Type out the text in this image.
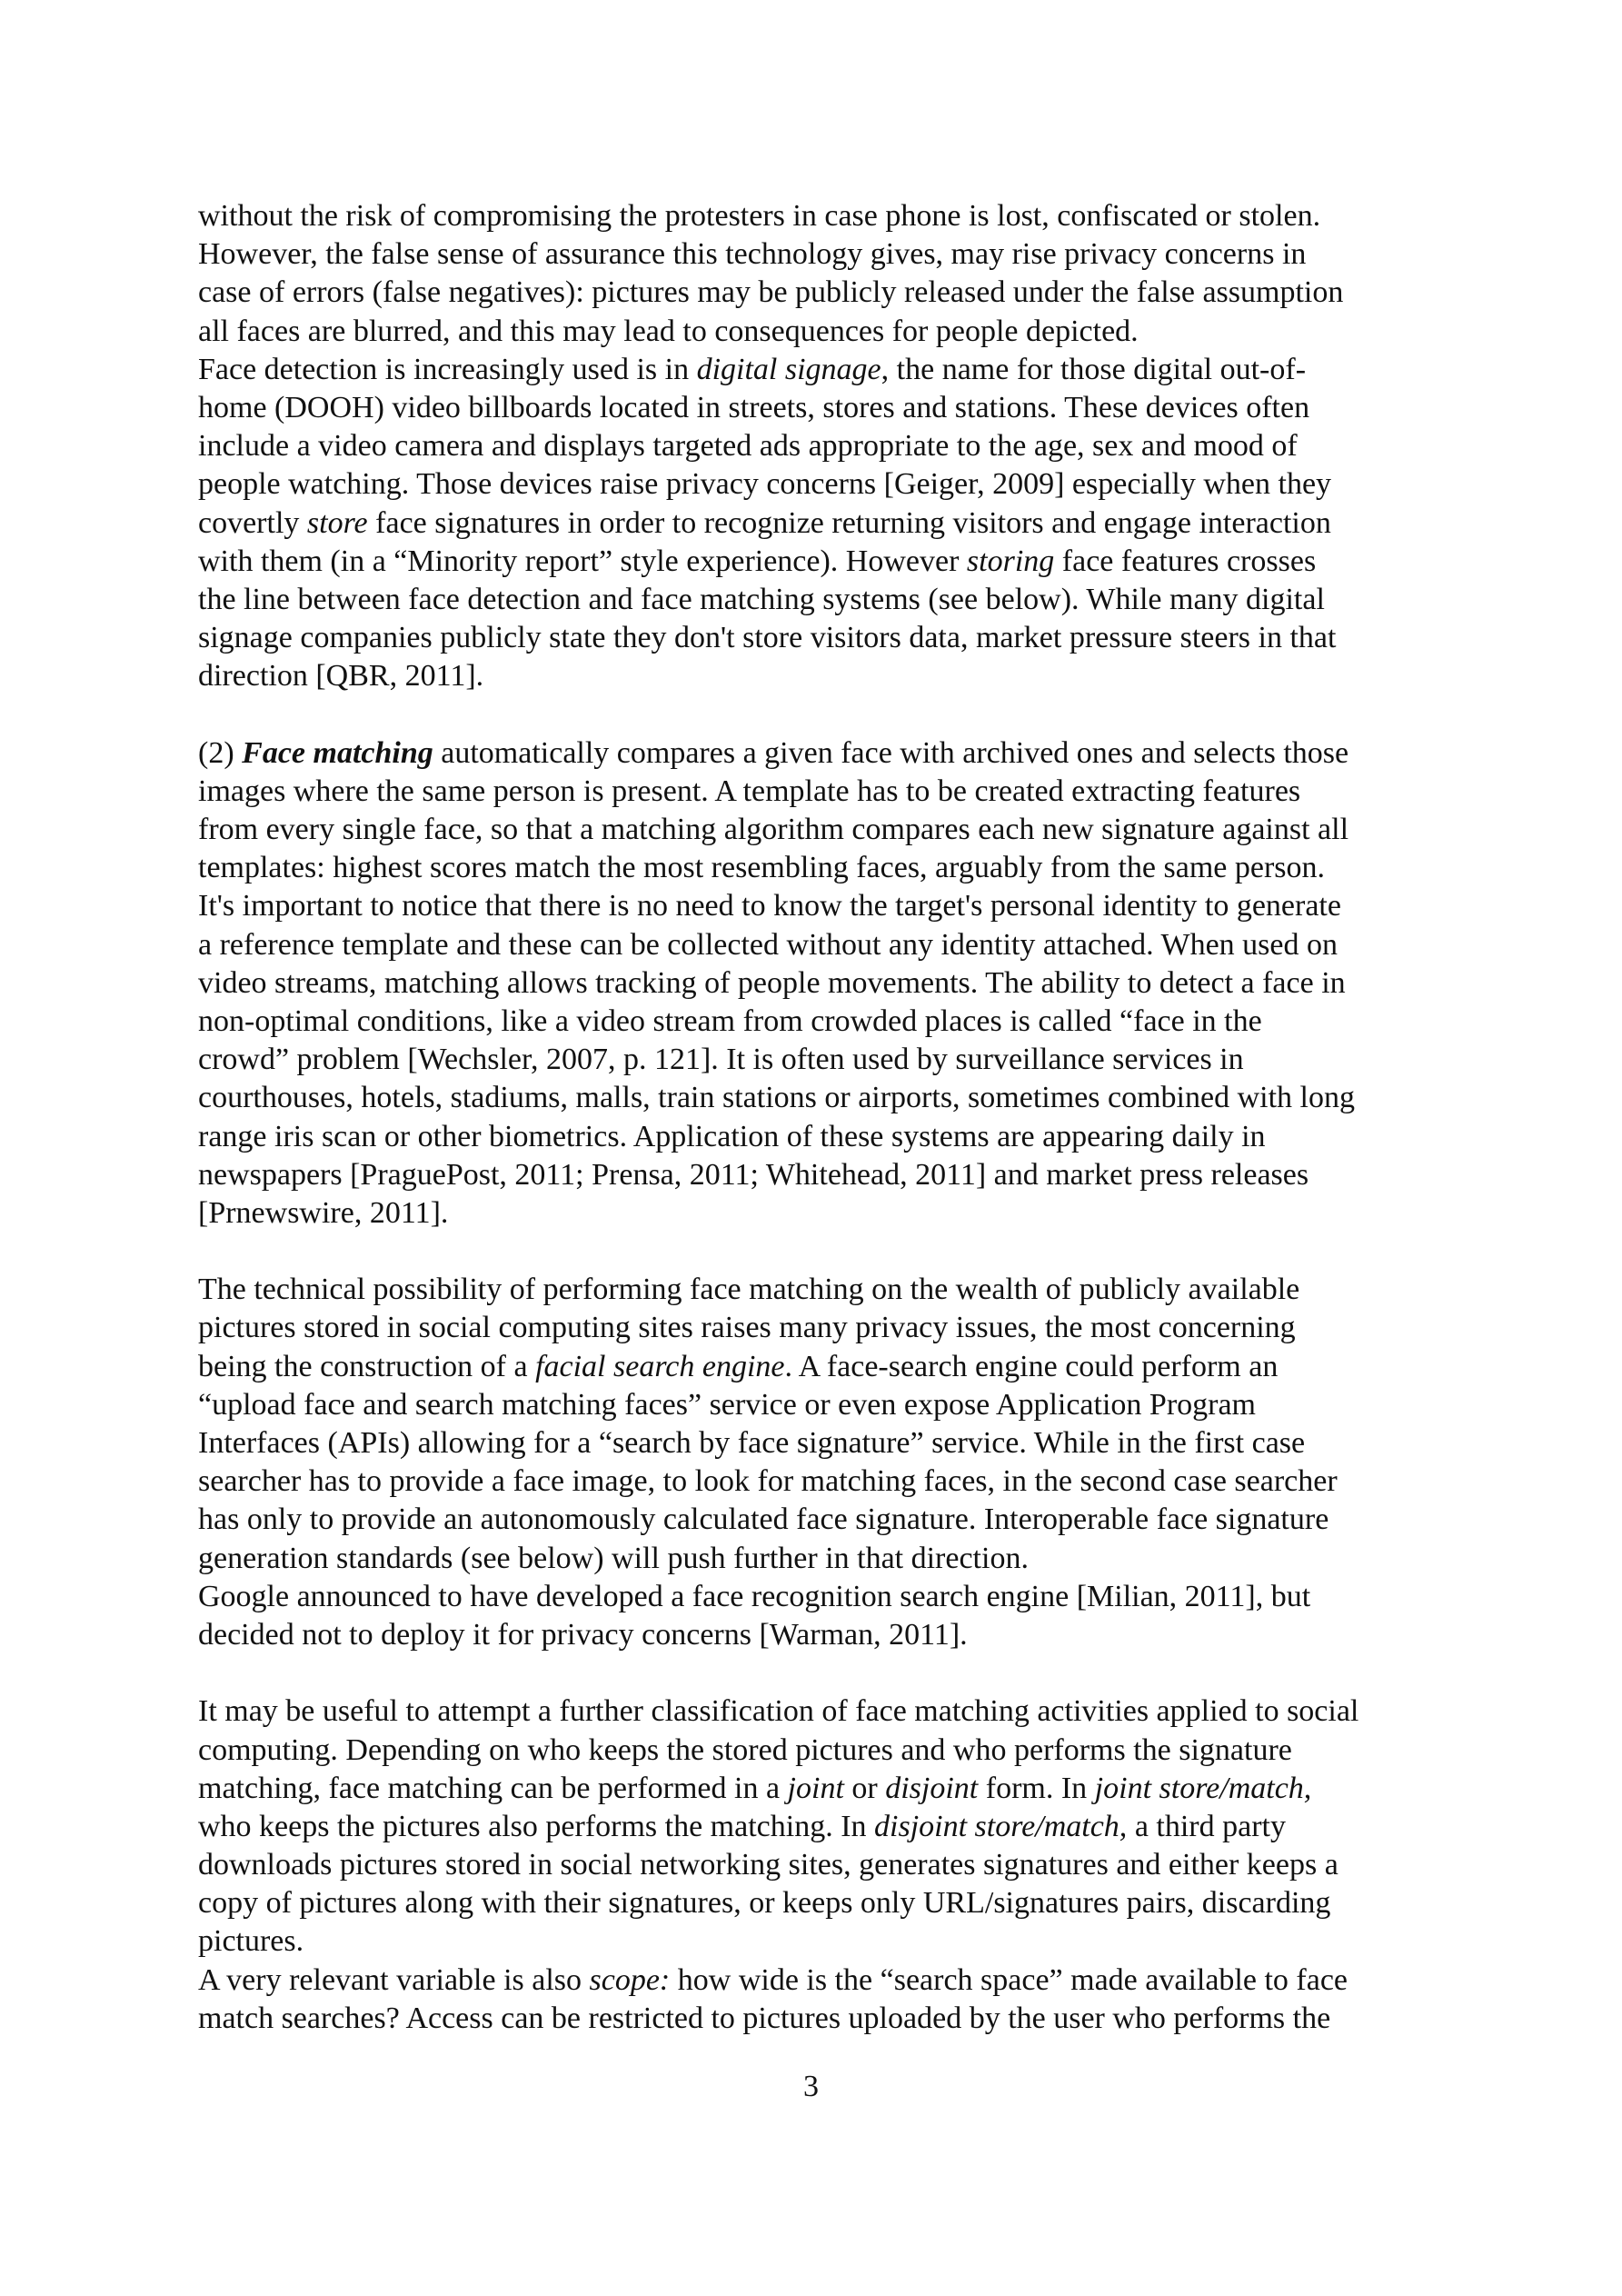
without the risk of compromising the protesters in case phone is lost, confiscated or stolen.
However, the false sense of assurance this technology gives, may rise privacy concerns in
case of errors (false negatives): pictures may be publicly released under the false assumption
all faces are blurred, and this may lead to consequences for people depicted.
Face detection is increasingly used is in digital signage, the name for those digital out-of-
home (DOOH) video billboards located in streets, stores and stations. These devices often
include a video camera and displays targeted ads appropriate to the age, sex and mood of
people watching. Those devices raise privacy concerns [Geiger, 2009] especially when they
covertly store face signatures in order to recognize returning visitors and engage interaction
with them (in a “Minority report” style experience). However storing face features crosses
the line between face detection and face matching systems (see below). While many digital
signage companies publicly state they don't store visitors data, market pressure steers in that
direction [QBR, 2011].
(2) Face matching automatically compares a given face with archived ones and selects those
images where the same person is present. A template has to be created extracting features
from every single face, so that a matching algorithm compares each new signature against all
templates: highest scores match the most resembling faces, arguably from the same person.
It's important to notice that there is no need to know the target's personal identity to generate
a reference template and these can be collected without any identity attached. When used on
video streams, matching allows tracking of people movements. The ability to detect a face in
non-optimal conditions, like a video stream from crowded places is called “face in the
crowd” problem [Wechsler, 2007, p. 121]. It is often used by surveillance services in
courthouses, hotels, stadiums, malls, train stations or airports, sometimes combined with long
range iris scan or other biometrics. Application of these systems are appearing daily in
newspapers [PraguePost, 2011; Prensa, 2011; Whitehead, 2011] and market press releases
[Prnewswire, 2011].
The technical possibility of performing face matching on the wealth of publicly available
pictures stored in social computing sites raises many privacy issues, the most concerning
being the construction of a facial search engine. A face-search engine could perform an
“upload face and search matching faces” service or even expose Application Program
Interfaces (APIs) allowing for a “search by face signature” service. While in the first case
searcher has to provide a face image, to look for matching faces, in the second case searcher
has only to provide an autonomously calculated face signature. Interoperable face signature
generation standards (see below) will push further in that direction.
Google announced to have developed a face recognition search engine [Milian, 2011], but
decided not to deploy it for privacy concerns [Warman, 2011].
It may be useful to attempt a further classification of face matching activities applied to social
computing. Depending on who keeps the stored pictures and who performs the signature
matching, face matching can be performed in a joint or disjoint form. In joint store/match,
who keeps the pictures also performs the matching. In disjoint store/match, a third party
downloads pictures stored in social networking sites, generates signatures and either keeps a
copy of pictures along with their signatures, or keeps only URL/signatures pairs, discarding
pictures.
A very relevant variable is also scope: how wide is the “search space” made available to face
match searches? Access can be restricted to pictures uploaded by the user who performs the
3
